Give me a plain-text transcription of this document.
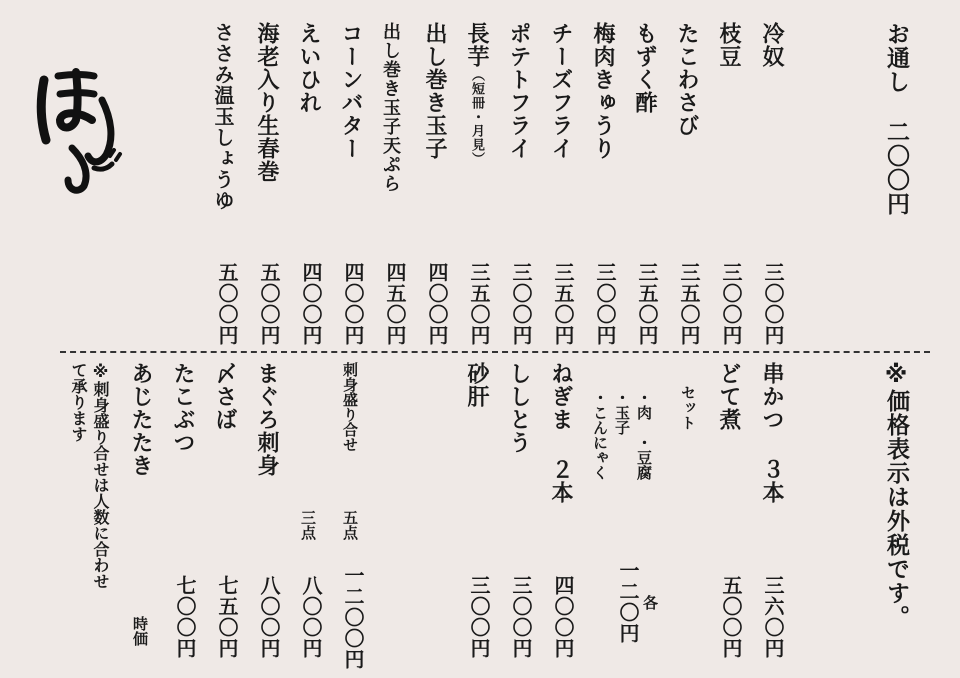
お通し二〇〇円
※価格表示は外税です。
冷奴
枝豆
たこわさび
もずく酢
梅肉きゅうり
チーズフライ
ポテトフライ
長芋（短冊・月見）
出し巻き玉子
出し巻き玉子天ぷら
コーンバター
えいひれ
海老入り生春巻
ささみ温玉しょうゆ
三〇〇円
三〇〇円
三五〇円
三五〇円
三〇〇円
三五〇円
三〇〇円
三五〇円
四〇〇円
四五〇円
四〇〇円
四〇〇円
五〇〇円
五〇〇円
串かつ
３本
三六〇円
どて煮
五〇〇円
セット
・肉　・豆腐
・玉子
・こんにゃく
各
一二〇円
ねぎま
２本
四〇〇円
ししとう
三〇〇円
砂肝
三〇〇円
刺身盛り合せ
五点
一二〇〇円
三点
八〇〇円
まぐろ刺身
八〇〇円
〆さば
七五〇円
たこぶつ
七〇〇円
あじたたき
時価
※刺身盛り合せは人数に合わせ
て承ります
